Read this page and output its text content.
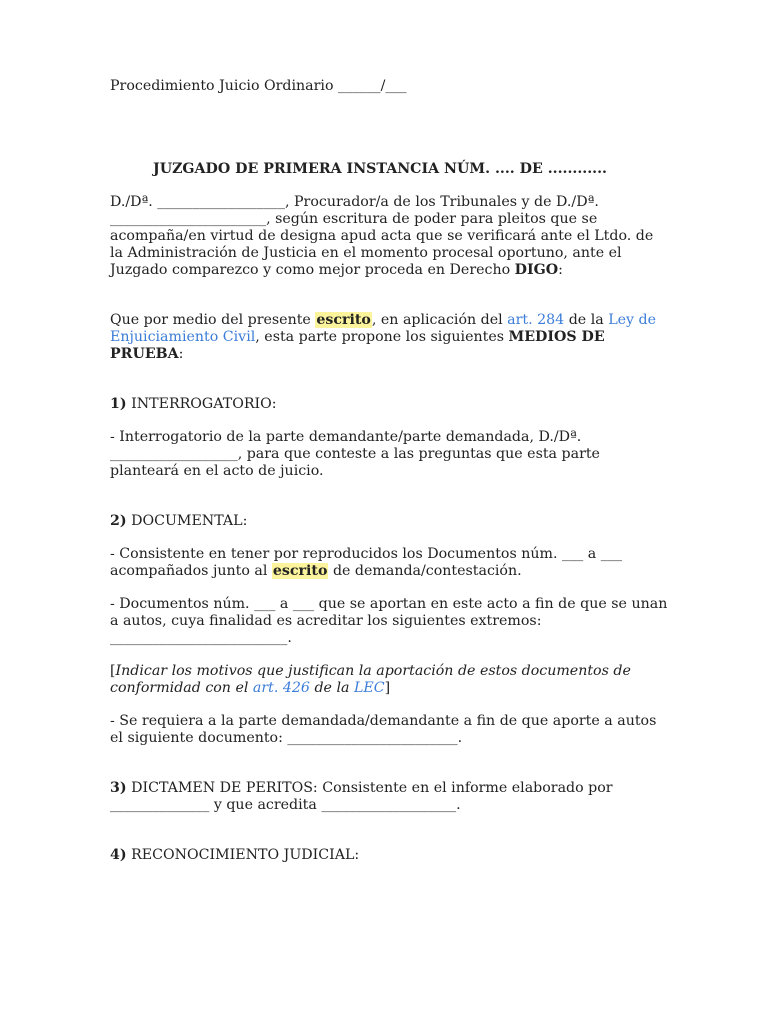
Procedimiento Juicio Ordinario ______/___

JUZGADO DE PRIMERA INSTANCIA NÚM. .... DE ............

D./Dª. __________________, Procurador/a de los Tribunales y de D./Dª. ______________________, según escritura de poder para pleitos que se acompaña/en virtud de designa apud acta que se verificará ante el Ltdo. de la Administración de Justicia en el momento procesal oportuno, ante el Juzgado comparezco y como mejor proceda en Derecho DIGO:

Que por medio del presente escrito, en aplicación del art. 284 de la Ley de Enjuiciamiento Civil, esta parte propone los siguientes MEDIOS DE PRUEBA:

1) INTERROGATORIO:

- Interrogatorio de la parte demandante/parte demandada, D./Dª. __________________, para que conteste a las preguntas que esta parte planteará en el acto de juicio.

2) DOCUMENTAL:

- Consistente en tener por reproducidos los Documentos núm. ___ a ___ acompañados junto al escrito de demanda/contestación.

- Documentos núm. ___ a ___ que se aportan en este acto a fin de que se unan a autos, cuya finalidad es acreditar los siguientes extremos: _________________________.

[Indicar los motivos que justifican la aportación de estos documentos de conformidad con el art. 426 de la LEC]

- Se requiera a la parte demandada/demandante a fin de que aporte a autos el siguiente documento: ________________________.

3) DICTAMEN DE PERITOS: Consistente en el informe elaborado por ______________ y que acredita ___________________.

4) RECONOCIMIENTO JUDICIAL:
